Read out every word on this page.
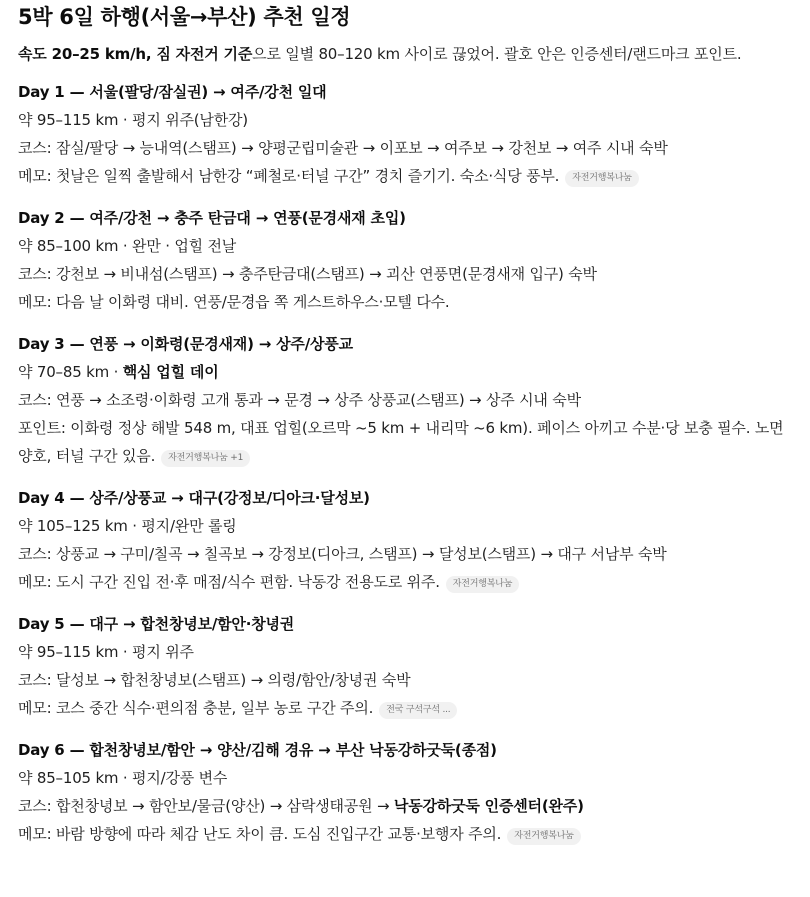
5박 6일 하행(서울→부산) 추천 일정

속도 20–25 km/h, 짐 자전거 기준으로 일별 80–120 km 사이로 끊었어. 괄호 안은 인증센터/랜드마크 포인트.

Day 1 — 서울(팔당/잠실권) → 여주/강천 일대
약 95–115 km · 평지 위주(남한강)
코스: 잠실/팔당 → 능내역(스탬프) → 양평군립미술관 → 이포보 → 여주보 → 강천보 → 여주 시내 숙박
메모: 첫날은 일찍 출발해서 남한강 “폐철로·터널 구간” 경치 즐기기. 숙소·식당 풍부. 자전거행복나눔
Day 2 — 여주/강천 → 충주 탄금대 → 연풍(문경새재 초입)
약 85–100 km · 완만 · 업힐 전날
코스: 강천보 → 비내섬(스탬프) → 충주탄금대(스탬프) → 괴산 연풍면(문경새재 입구) 숙박
메모: 다음 날 이화령 대비. 연풍/문경읍 쪽 게스트하우스·모텔 다수.
Day 3 — 연풍 → 이화령(문경새재) → 상주/상풍교
약 70–85 km · 핵심 업힐 데이
코스: 연풍 → 소조령·이화령 고개 통과 → 문경 → 상주 상풍교(스탬프) → 상주 시내 숙박
포인트: 이화령 정상 해발 548 m, 대표 업힐(오르막 ~5 km + 내리막 ~6 km). 페이스 아끼고 수분·당 보충 필수. 노면 양호, 터널 구간 있음. 자전거행복나눔 +1
Day 4 — 상주/상풍교 → 대구(강정보/디아크·달성보)
약 105–125 km · 평지/완만 롤링
코스: 상풍교 → 구미/칠곡 → 칠곡보 → 강정보(디아크, 스탬프) → 달성보(스탬프) → 대구 서남부 숙박
메모: 도시 구간 진입 전·후 매점/식수 편함. 낙동강 전용도로 위주. 자전거행복나눔
Day 5 — 대구 → 합천창녕보/함안·창녕권
약 95–115 km · 평지 위주
코스: 달성보 → 합천창녕보(스탬프) → 의령/함안/창녕권 숙박
메모: 코스 중간 식수·편의점 충분, 일부 농로 구간 주의. 전국 구석구석 ...
Day 6 — 합천창녕보/함안 → 양산/김해 경유 → 부산 낙동강하굿둑(종점)
약 85–105 km · 평지/강풍 변수
코스: 합천창녕보 → 함안보/물금(양산) → 삼락생태공원 → 낙동강하굿둑 인증센터(완주)
메모: 바람 방향에 따라 체감 난도 차이 큼. 도심 진입구간 교통·보행자 주의. 자전거행복나눔
